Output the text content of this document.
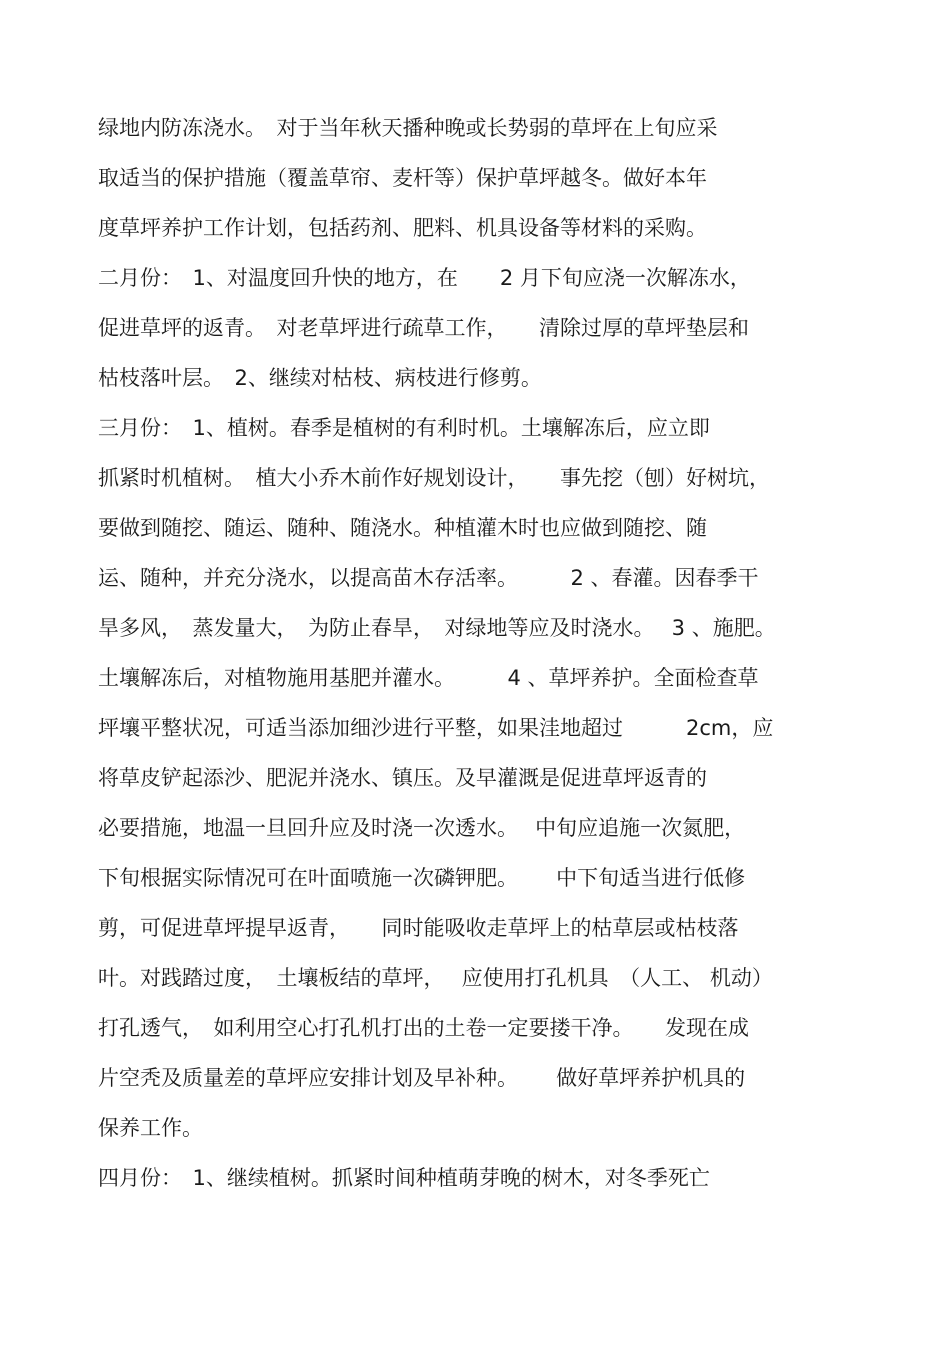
绿地内防冻浇水。　对于当年秋天播种晚或长势弱的草坪在上旬应采
取适当的保护措施（覆盖草帘、麦杆等）保护草坪越冬。做好本年
度草坪养护工作计划，包括药剂、肥料、机具设备等材料的采购。
二月份：　1、对温度回升快的地方，在　　2 月下旬应浇一次解冻水，
促进草坪的返青。　对老草坪进行疏草工作，　　清除过厚的草坪垫层和
枯枝落叶层。　2、继续对枯枝、病枝进行修剪。
三月份：　1、植树。春季是植树的有利时机。土壤解冻后，应立即
抓紧时机植树。　植大小乔木前作好规划设计，　　事先挖（刨）好树坑，
要做到随挖、随运、随种、随浇水。种植灌木时也应做到随挖、随
运、随种，并充分浇水，以提高苗木存活率。　　　2 、春灌。因春季干
旱多风，　蒸发量大，　为防止春旱，　对绿地等应及时浇水。　 3 、施肥。
土壤解冻后，对植物施用基肥并灌水。　　　4 、草坪养护。全面检查草
坪壤平整状况，可适当添加细沙进行平整，如果洼地超过　　　2cm，应
将草皮铲起添沙、肥泥并浇水、镇压。及早灌溉是促进草坪返青的
必要措施，地温一旦回升应及时浇一次透水。　 中旬应追施一次氮肥，
下旬根据实际情况可在叶面喷施一次磷钾肥。　　 中下旬适当进行低修
剪，可促进草坪提早返青，　　同时能吸收走草坪上的枯草层或枯枝落
叶。对践踏过度，　土壤板结的草坪，　 应使用打孔机具　（人工、 机动）
打孔透气，　如利用空心打孔机打出的土卷一定要搂干净。　　发现在成
片空秃及质量差的草坪应安排计划及早补种。　　 做好草坪养护机具的
保养工作。
四月份：　1、继续植树。抓紧时间种植萌芽晚的树木，对冬季死亡
